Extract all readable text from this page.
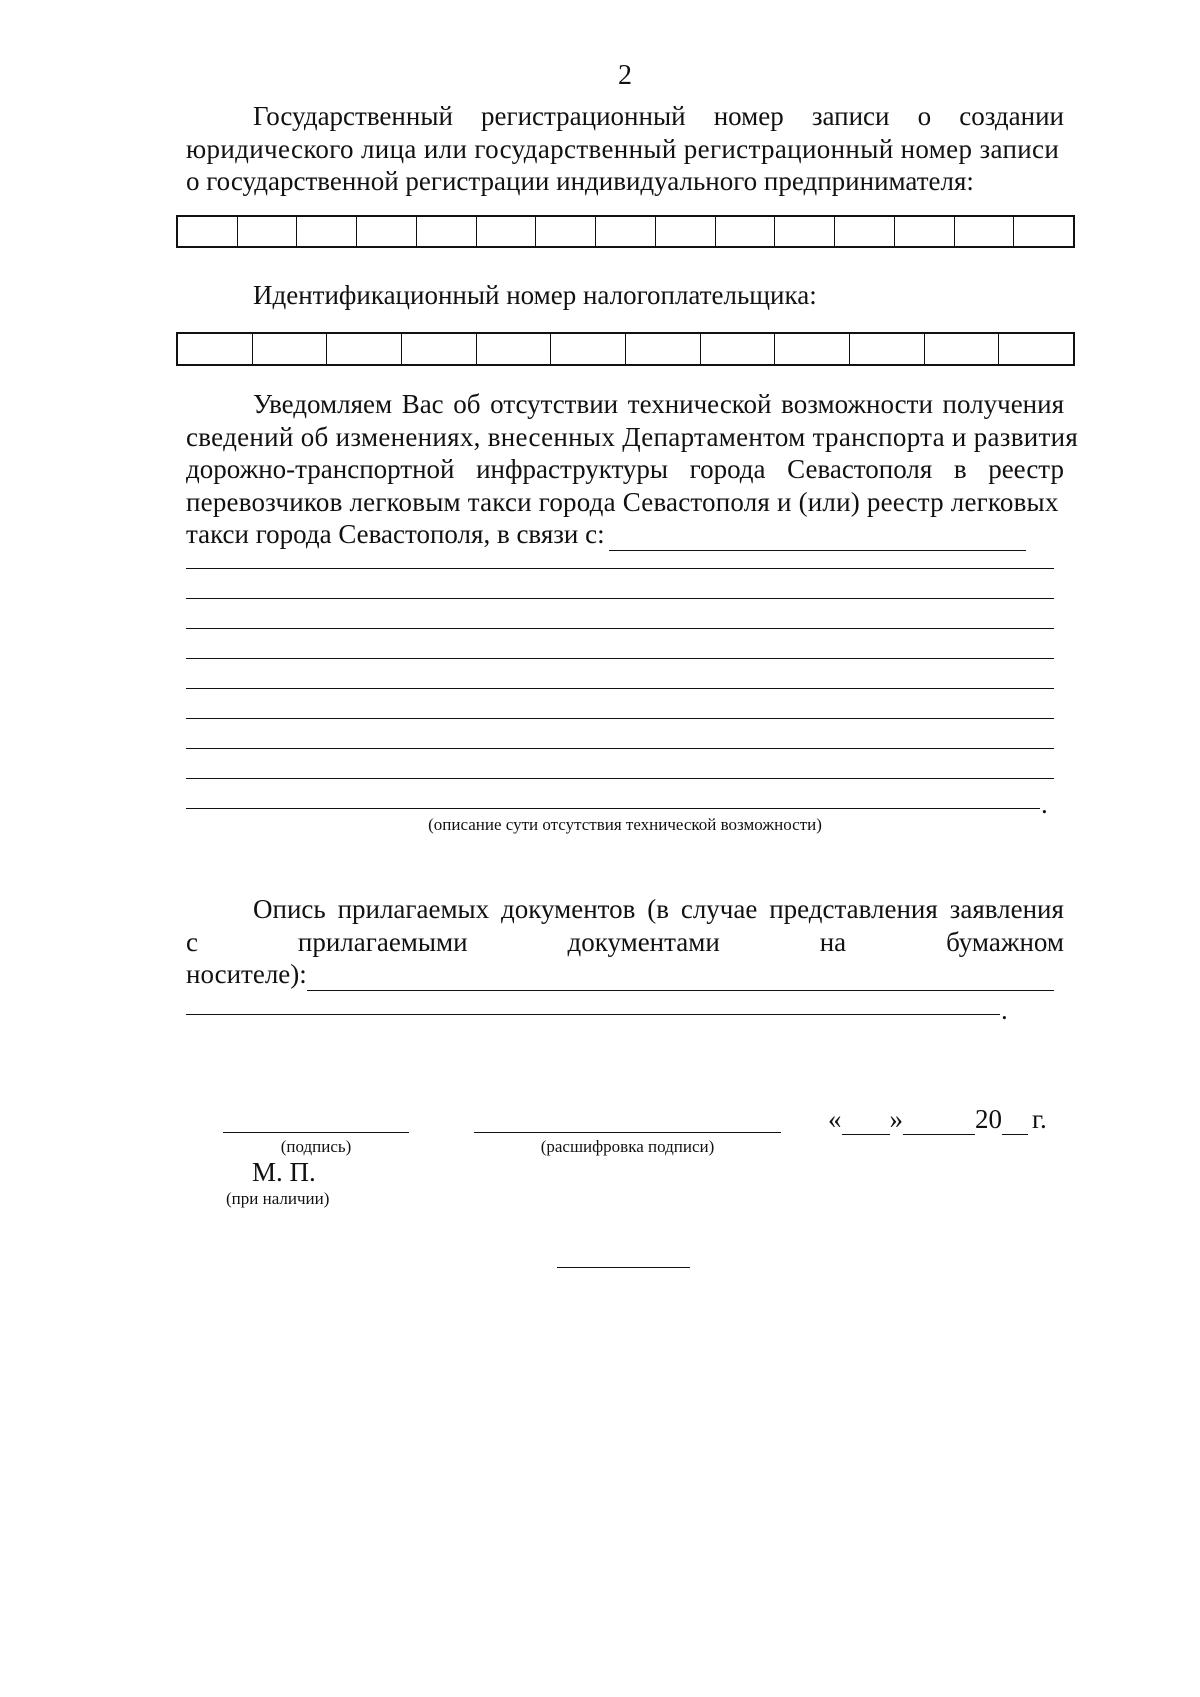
2
Государственный регистрационный номер записи о создании
юридического лица или государственный регистрационный номер записи
о государственной регистрации индивидуального предпринимателя:
Идентификационный номер налогоплательщика:
Уведомляем Вас об отсутствии технической возможности получения
сведений об изменениях, внесенных Департаментом транспорта и развития
дорожно-транспортной инфраструктуры города Севастополя в реестр
перевозчиков легковым такси города Севастополя и (или) реестр легковых
такси города Севастополя, в связи с:
.
(описание сути отсутствия технической возможности)
Опись прилагаемых документов (в случае представления заявления
с	прилагаемыми	документами	на	бумажном
носителе):
.
(подпись)	(расшифровка подписи)
« »	20 г.
М. П.
(при наличии)
